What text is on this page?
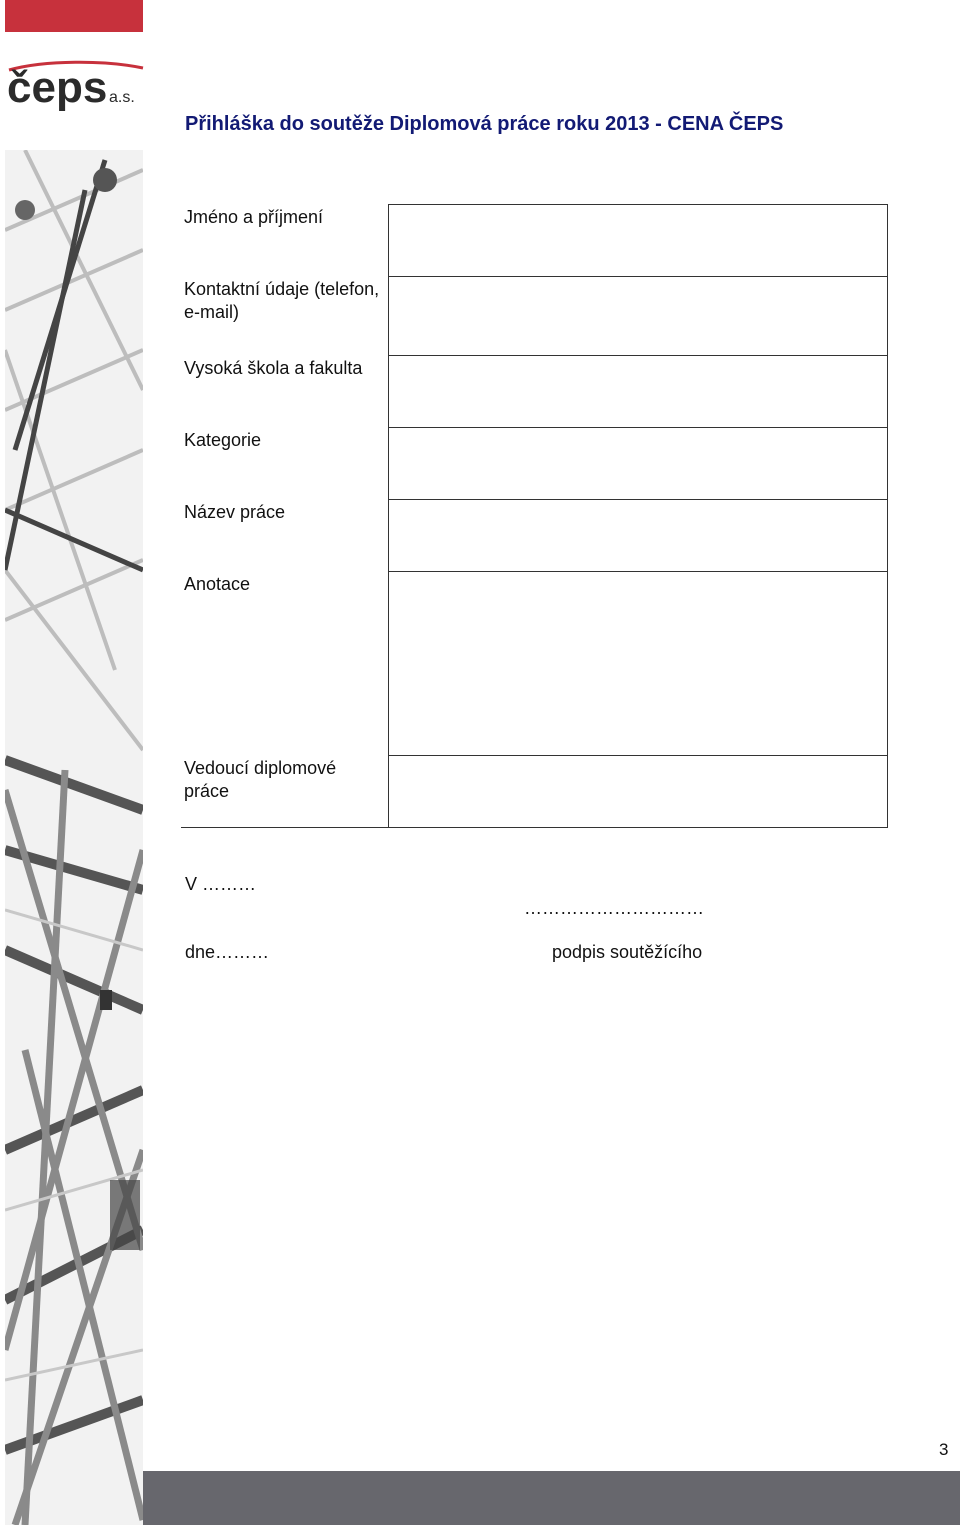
čeps a.s.
Přihláška do soutěže Diplomová práce roku 2013 - CENA ČEPS
Jméno a příjmení	
Kontaktní údaje (telefon, e-mail)	
Vysoká škola a fakulta	
Kategorie	
Název práce	
Anotace	
Vedoucí diplomové práce	
V ………
…………………………
dne………	podpis soutěžícího
3
